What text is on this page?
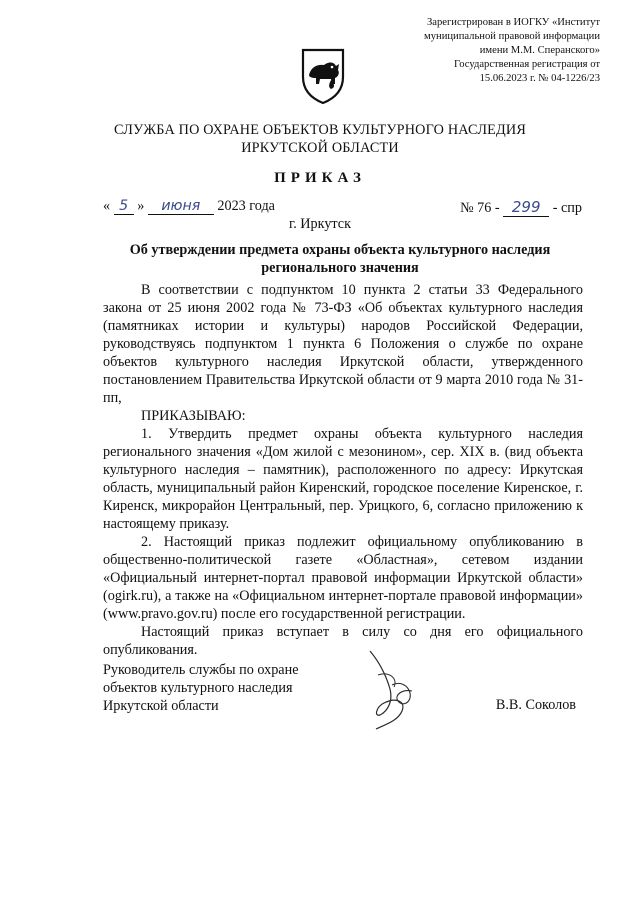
Зарегистрирован в ИОГКУ «Институт
муниципальной правовой информации
имени М.М. Сперанского»
Государственная регистрация от
15.06.2023 г. № 04-1226/23
СЛУЖБА ПО ОХРАНЕ ОБЪЕКТОВ КУЛЬТУРНОГО НАСЛЕДИЯ
ИРКУТСКОЙ ОБЛАСТИ
ПРИКАЗ
« 5 » июня 2023 года	№ 76 - 299 - спр
г. Иркутск
Об утверждении предмета охраны объекта культурного наследия
регионального значения

В соответствии с подпунктом 10 пункта 2 статьи 33 Федерального закона от 25 июня 2002 года № 73-ФЗ «Об объектах культурного наследия (памятниках истории и культуры) народов Российской Федерации, руководствуясь подпунктом 1 пункта 6 Положения о службе по охране объектов культурного наследия Иркутской области, утвержденного постановлением Правительства Иркутской области от 9 марта 2010 года № 31-пп,

ПРИКАЗЫВАЮ:

1. Утвердить предмет охраны объекта культурного наследия регионального значения «Дом жилой с мезонином», сер. XIX в. (вид объекта культурного наследия – памятник), расположенного по адресу: Иркутская область, муниципальный район Киренский, городское поселение Киренское, г. Киренск, микрорайон Центральный, пер. Урицкого, 6, согласно приложению к настоящему приказу.

2. Настоящий приказ подлежит официальному опубликованию в общественно-политической газете «Областная», сетевом издании «Официальный интернет-портал правовой информации Иркутской области» (ogirk.ru), а также на «Официальном интернет-портале правовой информации» (www.pravo.gov.ru) после его государственной регистрации.

Настоящий приказ вступает в силу со дня его официального опубликования.

Руководитель службы по охране
объектов культурного наследия
Иркутской области	В.В. Соколов
